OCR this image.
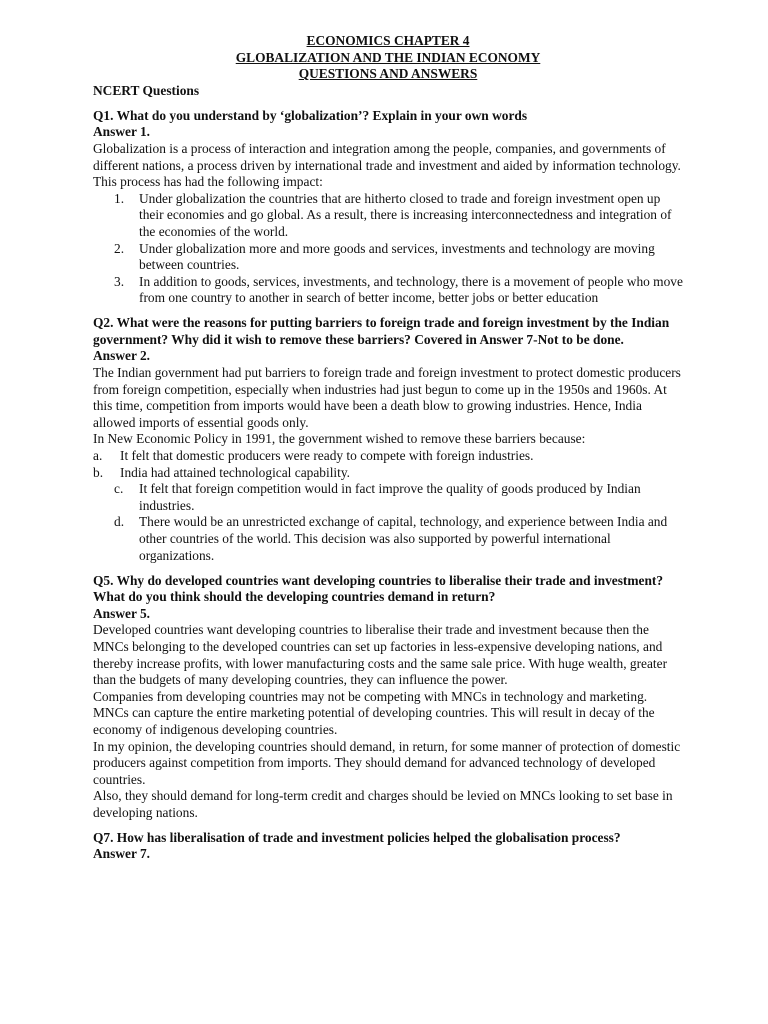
ECONOMICS CHAPTER 4
GLOBALIZATION AND THE INDIAN ECONOMY
QUESTIONS AND ANSWERS
NCERT Questions
Q1. What do you understand by ‘globalization’? Explain in your own words
Answer 1.
Globalization is a process of interaction and integration among the people, companies, and governments of different nations, a process driven by international trade and investment and aided by information technology.
This process has had the following impact:
1.	Under globalization the countries that are hitherto closed to trade and foreign investment open up their economies and go global. As a result, there is increasing interconnectedness and integration of the economies of the world.
2.	Under globalization more and more goods and services, investments and technology are moving between countries.
3.	In addition to goods, services, investments, and technology, there is a movement of people who move from one country to another in search of better income, better jobs or better education
Q2. What were the reasons for putting barriers to foreign trade and foreign investment by the Indian government? Why did it wish to remove these barriers? Covered in Answer 7-Not to be done.
Answer 2.
The Indian government had put barriers to foreign trade and foreign investment to protect domestic producers from foreign competition, especially when industries had just begun to come up in the 1950s and 1960s. At this time, competition from imports would have been a death blow to growing industries. Hence, India allowed imports of essential goods only.
In New Economic Policy in 1991, the government wished to remove these barriers because:
a.	It felt that domestic producers were ready to compete with foreign industries.
b.	India had attained technological capability.
c.	It felt that foreign competition would in fact improve the quality of goods produced by Indian industries.
d.	There would be an unrestricted exchange of capital, technology, and experience between India and other countries of the world. This decision was also supported by powerful international organizations.
Q5. Why do developed countries want developing countries to liberalise their trade and investment? What do you think should the developing countries demand in return?
Answer 5.
Developed countries want developing countries to liberalise their trade and investment because then the MNCs belonging to the developed countries can set up factories in less-expensive developing nations, and thereby increase profits, with lower manufacturing costs and the same sale price. With huge wealth, greater than the budgets of many developing countries, they can influence the power.
Companies from developing countries may not be competing with MNCs in technology and marketing. MNCs can capture the entire marketing potential of developing countries. This will result in decay of the economy of indigenous developing countries.
In my opinion, the developing countries should demand, in return, for some manner of protection of domestic producers against competition from imports. They should demand for advanced technology of developed countries.
Also, they should demand for long-term credit and charges should be levied on MNCs looking to set base in developing nations.
Q7. How has liberalisation of trade and investment policies helped the globalisation process?
Answer 7.
